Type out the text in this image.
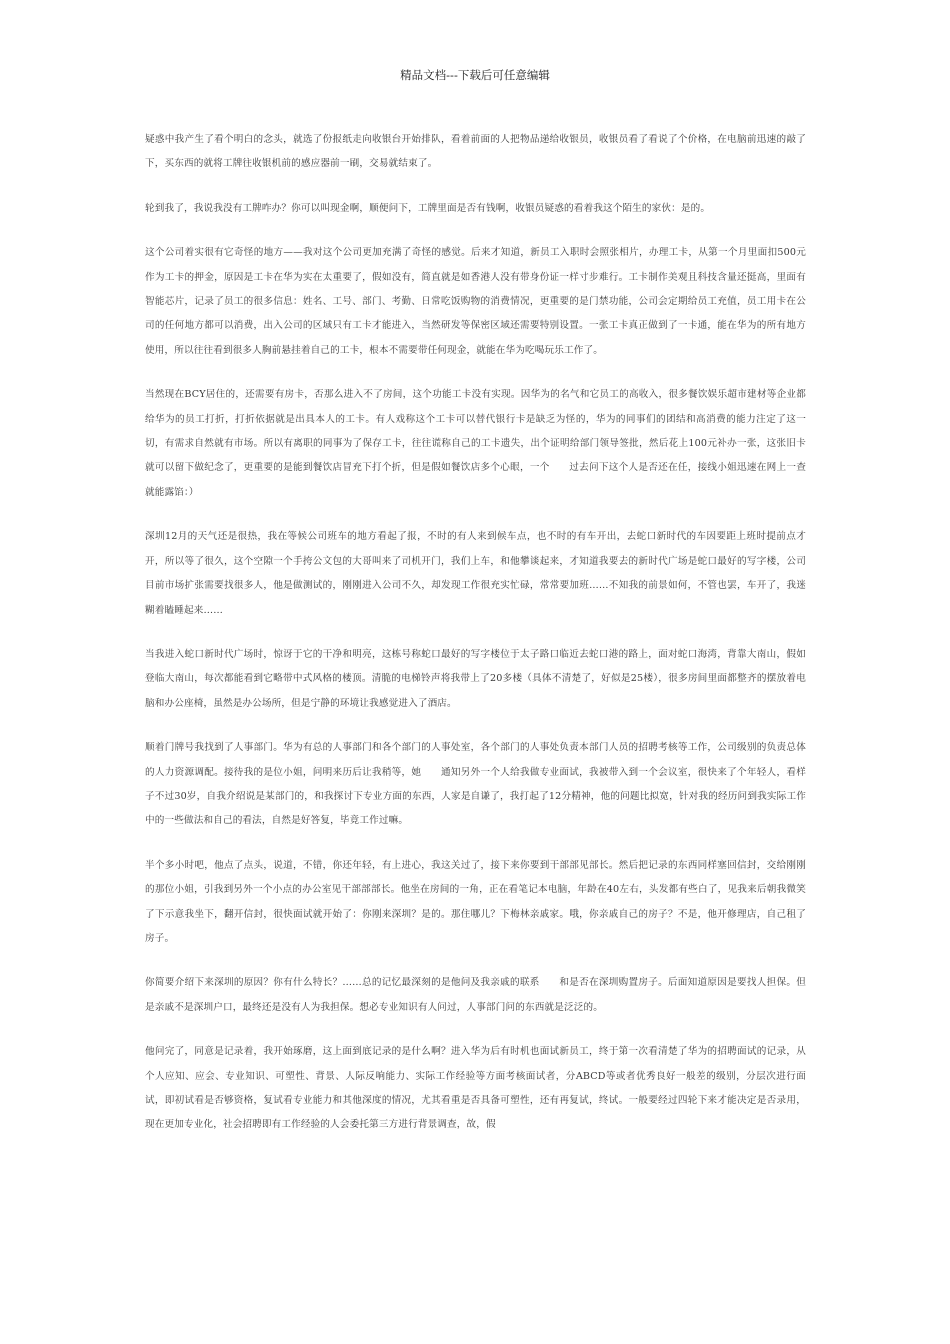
精品文档---下载后可任意编辑

疑惑中我产生了看个明白的念头，就选了份报纸走向收银台开始排队，看着前面的人把物品递给收银员，收银员看了看说了个价格，在电脑前迅速的敲了下，买东西的就将工牌往收银机前的感应器前一刷，交易就结束了。

轮到我了，我说我没有工牌咋办？你可以叫现金啊，顺便问下，工牌里面是否有钱啊，收银员疑惑的看着我这个陌生的家伙：是的。

这个公司着实很有它奇怪的地方——我对这个公司更加充满了奇怪的感觉。后来才知道，新员工入职时会照张相片，办理工卡，从第一个月里面扣500元作为工卡的押金，原因是工卡在华为实在太重要了，假如没有，简直就是如香港人没有带身份证一样寸步难行。工卡制作美观且科技含量还挺高，里面有智能芯片，记录了员工的很多信息：姓名、工号、部门、考勤、日常吃饭购物的消费情况，更重要的是门禁功能，公司会定期给员工充值，员工用卡在公司的任何地方都可以消费，出入公司的区域只有工卡才能进入，当然研发等保密区域还需要特别设置。一张工卡真正做到了一卡通，能在华为的所有地方使用，所以往往看到很多人胸前悬挂着自己的工卡，根本不需要带任何现金，就能在华为吃喝玩乐工作了。

当然现在BCY居住的，还需要有房卡，否那么进入不了房间，这个功能工卡没有实现。因华为的名气和它员工的高收入，很多餐饮娱乐超市建材等企业都给华为的员工打折，打折依据就是出具本人的工卡。有人戏称这个工卡可以替代银行卡是缺乏为怪的，华为的同事们的团结和高消费的能力注定了这一切，有需求自然就有市场。所以有离职的同事为了保存工卡，往往谎称自己的工卡遗失，出个证明给部门领导签批，然后花上100元补办一张，这张旧卡就可以留下做纪念了，更重要的是能到餐饮店冒充下打个折，但是假如餐饮店多个心眼，一个　　过去问下这个人是否还在任，接线小姐迅速在网上一查就能露馅：）

深圳12月的天气还是很热，我在等候公司班车的地方看起了报，不时的有人来到候车点，也不时的有车开出，去蛇口新时代的车因要距上班时提前点才开，所以等了很久，这个空隙一个手挎公文包的大哥叫来了司机开门，我们上车，和他攀谈起来，才知道我要去的新时代广场是蛇口最好的写字楼，公司目前市场扩张需要找很多人，他是做测试的，刚刚进入公司不久，却发现工作很充实忙碌，常常要加班……不知我的前景如何，不管也罢，车开了，我迷糊着瞌睡起来……

当我进入蛇口新时代广场时，惊讶于它的干净和明亮，这栋号称蛇口最好的写字楼位于太子路口临近去蛇口港的路上，面对蛇口海湾，背靠大南山，假如登临大南山，每次都能看到它略带中式风格的楼顶。清脆的电梯铃声将我带上了20多楼（具体不清楚了，好似是25楼），很多房间里面都整齐的摆放着电脑和办公座椅，虽然是办公场所，但是宁静的环境让我感觉进入了酒店。

顺着门牌号我找到了人事部门。华为有总的人事部门和各个部门的人事处室，各个部门的人事处负责本部门人员的招聘考核等工作，公司级别的负责总体的人力资源调配。接待我的是位小姐，问明来历后让我稍等，她　　通知另外一个人给我做专业面试，我被带入到一个会议室，很快来了个年轻人，看样子不过30岁，自我介绍说是某部门的，和我探讨下专业方面的东西，人家是自谦了，我打起了12分精神，他的问题比拟宽，针对我的经历问到我实际工作中的一些做法和自己的看法，自然是好答复，毕竟工作过嘛。

半个多小时吧，他点了点头，说道，不错，你还年轻，有上进心，我这关过了，接下来你要到干部部见部长。然后把记录的东西同样塞回信封，交给刚刚的那位小姐，引我到另外一个小点的办公室见干部部部长。他坐在房间的一角，正在看笔记本电脑，年龄在40左右，头发都有些白了，见我来后朝我微笑了下示意我坐下，翻开信封，很快面试就开始了：你刚来深圳？是的。那住哪儿？下梅林亲戚家。哦，你亲戚自己的房子？不是，他开修理店，自己租了房子。

你简要介绍下来深圳的原因？你有什么特长？……总的记忆最深刻的是他问及我亲戚的联系　　和是否在深圳购置房子。后面知道原因是要找人担保。但是亲戚不是深圳户口，最终还是没有人为我担保。想必专业知识有人问过，人事部门问的东西就是泛泛的。

他问完了，同意是记录着，我开始琢磨，这上面到底记录的是什么啊？进入华为后有时机也面试新员工，终于第一次看清楚了华为的招聘面试的记录，从个人应知、应会、专业知识、可塑性、背景、人际反响能力、实际工作经验等方面考核面试者，分ABCD等或者优秀良好一般差的级别，分层次进行面试，即初试看是否够资格，复试看专业能力和其他深度的情况，尤其看重是否具备可塑性，还有再复试，终试。一般要经过四轮下来才能决定是否录用，现在更加专业化，社会招聘即有工作经验的人会委托第三方进行背景调查，故，假
